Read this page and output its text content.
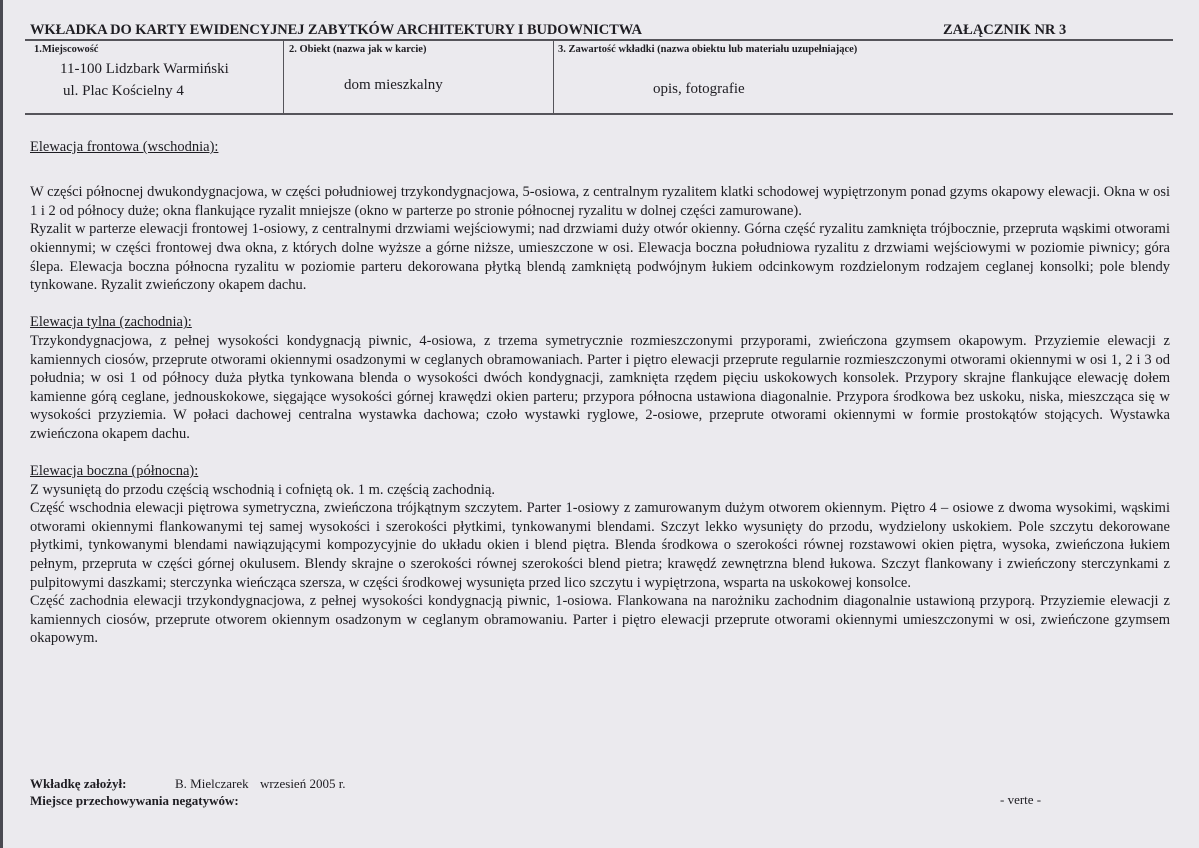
WKŁADKA DO KARTY EWIDENCYJNEJ ZABYTKÓW ARCHITEKTURY I BUDOWNICTWA	ZAŁĄCZNIK NR 3
1.Miejscowość
11-100 Lidzbark Warmiński
ul. Plac Kościelny 4
2. Obiekt (nazwa jak w karcie)
dom mieszkalny
3. Zawartość wkładki (nazwa obiektu lub materiału uzupełniające)
opis, fotografie

Elewacja frontowa (wschodnia):

W części północnej dwukondygnacjowa, w części południowej trzykondygnacjowa, 5-osiowa, z centralnym ryzalitem klatki schodowej wypiętrzonym ponad gzyms okapowy elewacji. Okna w osi 1 i 2 od północy duże; okna flankujące ryzalit mniejsze (okno w parterze po stronie północnej ryzalitu w dolnej części zamurowane).

Ryzalit w parterze elewacji frontowej 1-osiowy, z centralnymi drzwiami wejściowymi; nad drzwiami duży otwór okienny. Górna część ryzalitu zamknięta trójbocznie, przepruta wąskimi otworami okiennymi; w części frontowej dwa okna, z których dolne wyższe a górne niższe, umieszczone w osi. Elewacja boczna południowa ryzalitu z drzwiami wejściowymi w poziomie piwnicy; góra ślepa. Elewacja boczna północna ryzalitu w poziomie parteru dekorowana płytką blendą zamkniętą podwójnym łukiem odcinkowym rozdzielonym rodzajem ceglanej konsolki; pole blendy tynkowane. Ryzalit zwieńczony okapem dachu.

Elewacja tylna (zachodnia):

Trzykondygnacjowa, z pełnej wysokości kondygnacją piwnic, 4-osiowa, z trzema symetrycznie rozmieszczonymi przyporami, zwieńczona gzymsem okapowym. Przyziemie elewacji z kamiennych ciosów, przeprute otworami okiennymi osadzonymi w ceglanych obramowaniach. Parter i piętro elewacji przeprute regularnie rozmieszczonymi otworami okiennymi w osi 1, 2 i 3 od południa; w osi 1 od północy duża płytka tynkowana blenda o wysokości dwóch kondygnacji, zamknięta rzędem pięciu uskokowych konsolek. Przypory skrajne flankujące elewację dołem kamienne górą ceglane, jednouskokowe, sięgające wysokości górnej krawędzi okien parteru; przypora północna ustawiona diagonalnie. Przypora środkowa bez uskoku, niska, mieszcząca się w wysokości przyziemia. W połaci dachowej centralna wystawka dachowa; czoło wystawki ryglowe, 2-osiowe, przeprute otworami okiennymi w formie prostokątów stojących. Wystawka zwieńczona okapem dachu.

Elewacja boczna (północna):

Z wysuniętą do przodu częścią wschodnią i cofniętą ok. 1 m. częścią zachodnią.

Część wschodnia elewacji piętrowa symetryczna, zwieńczona trójkątnym szczytem. Parter 1-osiowy z zamurowanym dużym otworem okiennym. Piętro 4 – osiowe z dwoma wysokimi, wąskimi otworami okiennymi flankowanymi tej samej wysokości i szerokości płytkimi, tynkowanymi blendami. Szczyt lekko wysunięty do przodu, wydzielony uskokiem. Pole szczytu dekorowane płytkimi, tynkowanymi blendami nawiązującymi kompozycyjnie do układu okien i blend piętra. Blenda środkowa o szerokości równej rozstawowi okien piętra, wysoka, zwieńczona łukiem pełnym, przepruta w części górnej okulusem. Blendy skrajne o szerokości równej szerokości blend pietra; krawędź zewnętrzna blend łukowa. Szczyt flankowany i zwieńczony sterczynkami z pulpitowymi daszkami; sterczynka wieńcząca szersza, w części środkowej wysunięta przed lico szczytu i wypiętrzona, wsparta na uskokowej konsolce.

Część zachodnia elewacji trzykondygnacjowa, z pełnej wysokości kondygnacją piwnic, 1-osiowa. Flankowana na narożniku zachodnim diagonalnie ustawioną przyporą. Przyziemie elewacji z kamiennych ciosów, przeprute otworem okiennym osadzonym w ceglanym obramowaniu. Parter i piętro elewacji przeprute otworami okiennymi umieszczonymi w osi, zwieńczone gzymsem okapowym.

Wkładkę założył:	B. Mielczarek wrzesień 2005 r.
Miejsce przechowywania negatywów:	- verte -
